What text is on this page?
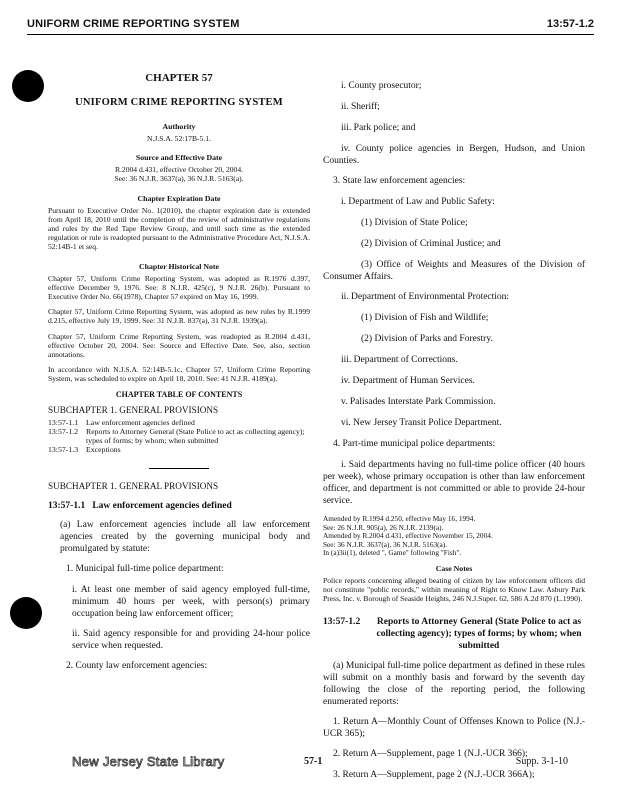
UNIFORM CRIME REPORTING SYSTEM	13:57-1.2
CHAPTER 57
UNIFORM CRIME REPORTING SYSTEM
Authority
N.J.S.A. 52:17B-5.1.
Source and Effective Date
R.2004 d.431, effective October 20, 2004.
See: 36 N.J.R. 3637(a), 36 N.J.R. 5163(a).
Chapter Expiration Date
Pursuant to Executive Order No. 1(2010), the chapter expiration date is extended from April 18, 2010 until the completion of the review of administrative regulations and rules by the Red Tape Review Group, and until such time as the extended regulation or rule is readopted pursuant to the Administrative Procedure Act, N.J.S.A. 52:14B-1 et seq.
Chapter Historical Note
Chapter 57, Uniform Crime Reporting System, was adopted as R.1976 d.397, effective December 9, 1976. See: 8 N.J.R. 425(c), 9 N.J.R. 26(b). Pursuant to Executive Order No. 66(1978), Chapter 57 expired on May 16, 1999.
Chapter 57, Uniform Crime Reporting System, was adopted as new rules by R.1999 d.215, effective July 19, 1999. See: 31 N.J.R. 837(a), 31 N.J.R. 1939(a).
Chapter 57, Uniform Crime Reporting System, was readopted as R.2004 d.431, effective October 20, 2004. See: Source and Effective Date. See, also, section annotations.
In accordance with N.J.S.A. 52:14B-5.1c, Chapter 57, Uniform Crime Reporting System, was scheduled to expire on April 18, 2010. See: 41 N.J.R. 4189(a).
CHAPTER TABLE OF CONTENTS
SUBCHAPTER 1. GENERAL PROVISIONS
13:57-1.1	Law enforcement agencies defined
13:57-1.2	Reports to Attorney General (State Police to act as collecting agency); types of forms; by whom; when submitted
13:57-1.3	Exceptions
SUBCHAPTER 1. GENERAL PROVISIONS
13:57-1.1 Law enforcement agencies defined
(a) Law enforcement agencies include all law enforcement agencies created by the governing municipal body and promulgated by statute:
1. Municipal full-time police department:
i. At least one member of said agency employed full-time, minimum 40 hours per week, with person(s) primary occupation being law enforcement officer;
ii. Said agency responsible for and providing 24-hour police service when requested.
2. County law enforcement agencies:
i. County prosecutor;
ii. Sheriff;
iii. Park police; and
iv. County police agencies in Bergen, Hudson, and Union Counties.
3. State law enforcement agencies:
i. Department of Law and Public Safety:
(1) Division of State Police;
(2) Division of Criminal Justice; and
(3) Office of Weights and Measures of the Division of Consumer Affairs.
ii. Department of Environmental Protection:
(1) Division of Fish and Wildlife;
(2) Division of Parks and Forestry.
iii. Department of Corrections.
iv. Department of Human Services.
v. Palisades Interstate Park Commission.
vi. New Jersey Transit Police Department.
4. Part-time municipal police departments:
i. Said departments having no full-time police officer (40 hours per week), whose primary occupation is other than law enforcement officer, and department is not committed or able to provide 24-hour service.
Amended by R.1994 d.250, effective May 16, 1994.
See: 26 N.J.R. 905(a), 26 N.J.R. 2139(a).
Amended by R.2004 d.431, effective November 15, 2004.
See: 36 N.J.R. 3637(a), 36 N.J.R. 5163(a).
In (a)3ii(1), deleted ", Game" following "Fish".
Case Notes
Police reports concerning alleged beating of citizen by law enforcement officers did not constitute "public records," within meaning of Right to Know Law. Asbury Park Press, Inc. v. Borough of Seaside Heights, 246 N.J.Super. 62, 586 A.2d 870 (L.1990).
13:57-1.2	Reports to Attorney General (State Police to act as collecting agency); types of forms; by whom; when submitted
(a) Municipal full-time police department as defined in these rules will submit on a monthly basis and forward by the seventh day following the close of the reporting period, the following enumerated reports:
1. Return A—Monthly Count of Offenses Known to Police (N.J.-UCR 365);
2. Return A—Supplement, page 1 (N.J.-UCR 366);
3. Return A—Supplement, page 2 (N.J.-UCR 366A);
New Jersey State Library	57-1	Supp. 3-1-10
